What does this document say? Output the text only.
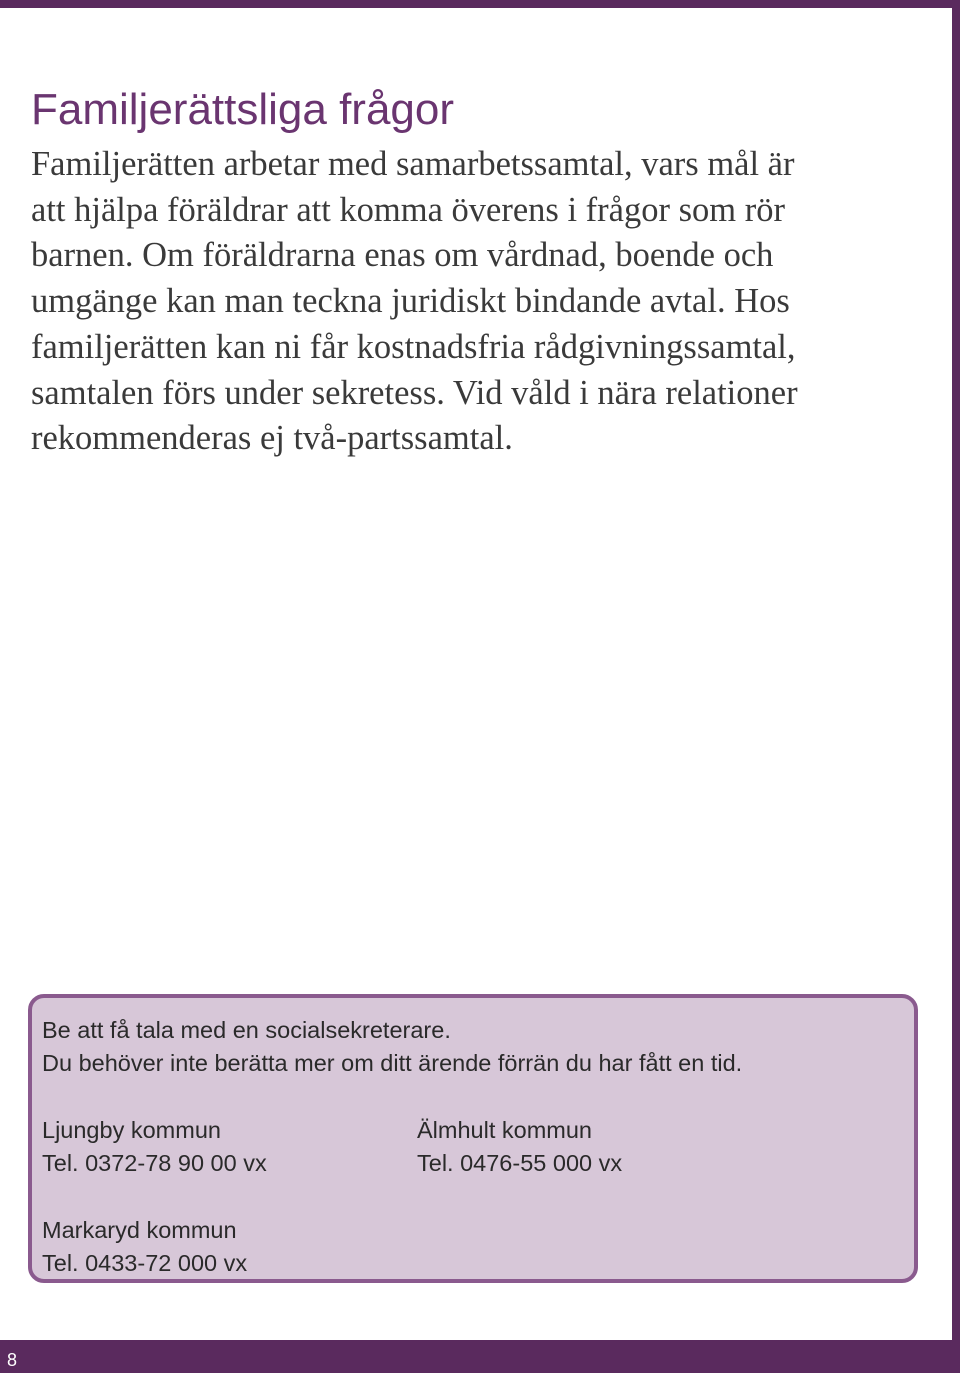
Familjerättsliga frågor

Familjerätten arbetar med samarbetssamtal, vars mål är
att hjälpa föräldrar att komma överens i frågor som rör
barnen. Om föräldrarna enas om vårdnad, boende och
umgänge kan man teckna juridiskt bindande avtal. Hos
familjerätten kan ni får kostnadsfria rådgivningssamtal,
samtalen förs under sekretess. Vid våld i nära relationer
rekommenderas ej två-partssamtal.

Be att få tala med en socialsekreterare.
Du behöver inte berätta mer om ditt ärende förrän du har fått en tid.
Ljungby kommun
Tel. 0372-78 90 00 vx
Älmhult kommun
Tel. 0476-55 000 vx
Markaryd kommun
Tel. 0433-72 000 vx
8
